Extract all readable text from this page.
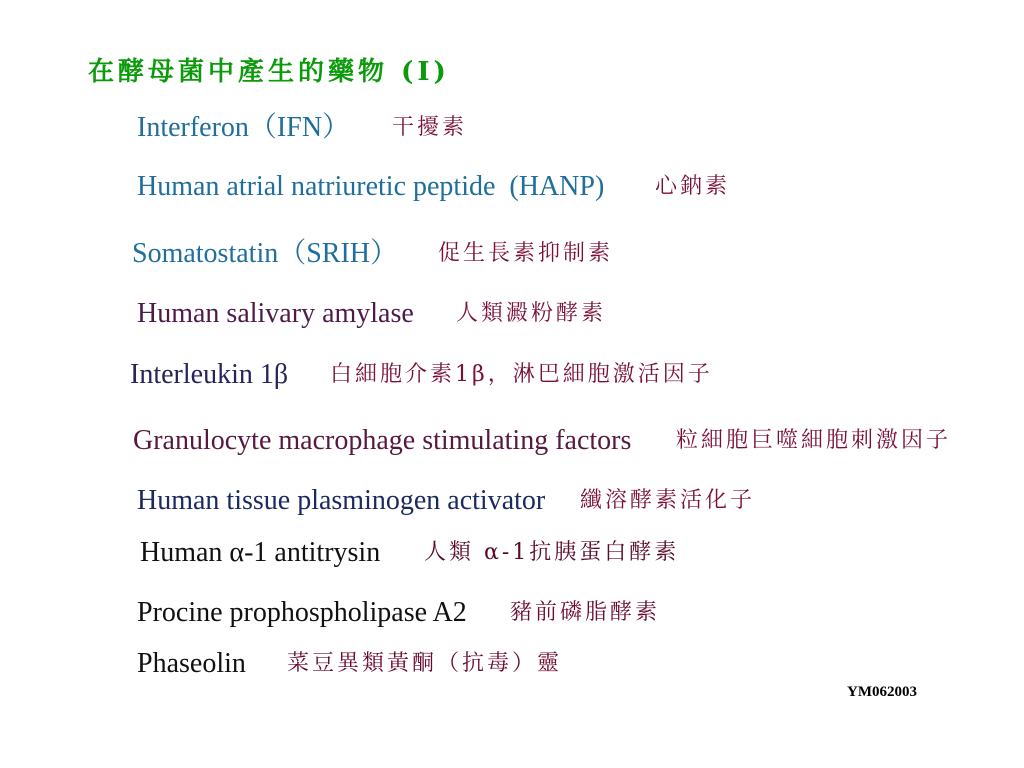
在酵母菌中產生的藥物 (I)
Interferon（IFN） 干擾素
Human atrial natriuretic peptide  (HANP) 心鈉素
Somatostatin（SRIH） 促生長素抑制素
Human salivary amylase 人類澱粉酵素
Interleukin 1β 白細胞介素1β，淋巴細胞激活因子
Granulocyte macrophage stimulating factors 粒細胞巨噬細胞刺激因子
Human tissue plasminogen activator 纖溶酵素活化子
Human α-1 antitrysin 人類 α-1抗胰蛋白酵素
Procine prophospholipase A2 豬前磷脂酵素
Phaseolin 菜豆異類黃酮（抗毒）靈
YM062003
